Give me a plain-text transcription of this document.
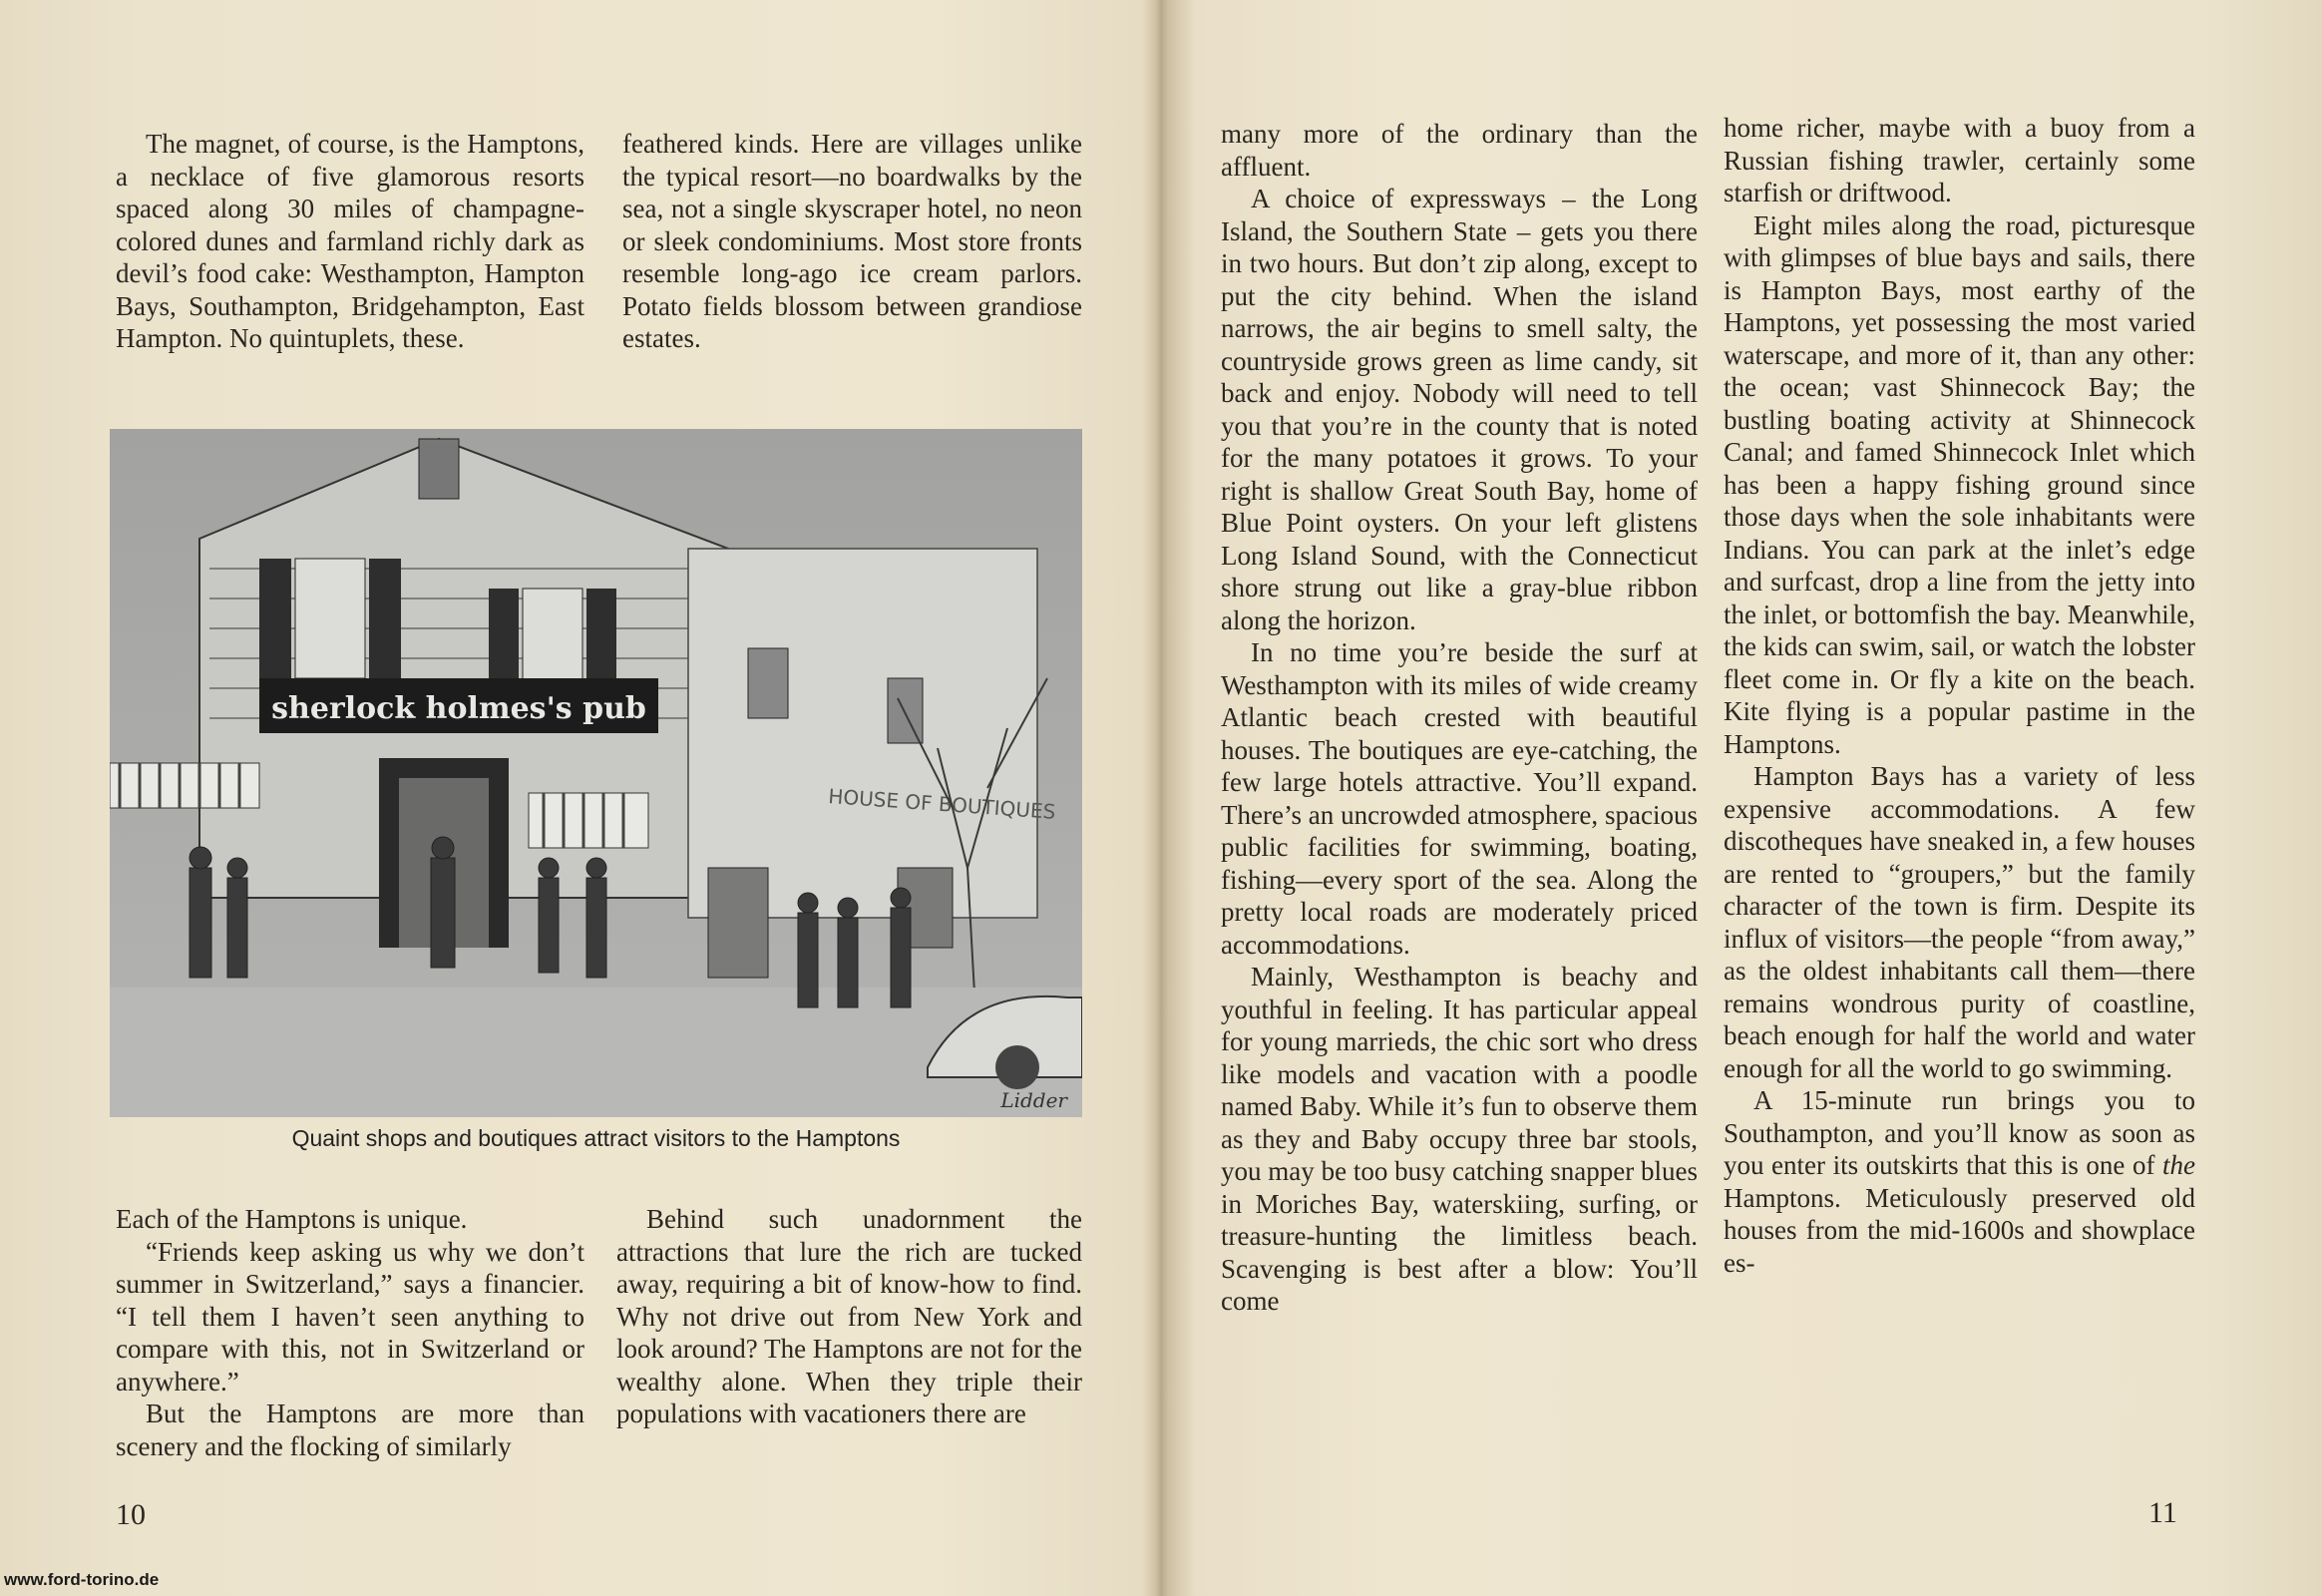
The magnet, of course, is the Hamptons, a necklace of five glamorous resorts spaced along 30 miles of champagne-colored dunes and farmland richly dark as devil’s food cake: Westhampton, Hampton Bays, Southampton, Bridgehampton, East Hampton. No quintuplets, these.

feathered kinds. Here are villages unlike the typical resort—no boardwalks by the sea, not a single skyscraper hotel, no neon or sleek condominiums. Most store fronts resemble long-ago ice cream parlors. Potato fields blossom between grandiose estates.

sherlock holmes's pub
HOUSE OF BOUTIQUES
Lidder
Quaint shops and boutiques attract visitors to the Hamptons

Each of the Hamptons is unique.

“Friends keep asking us why we don’t summer in Switzerland,” says a financier. “I tell them I haven’t seen anything to compare with this, not in Switzerland or anywhere.”

But the Hamptons are more than scenery and the flocking of similarly

Behind such unadornment the attractions that lure the rich are tucked away, requiring a bit of know-how to find. Why not drive out from New York and look around? The Hamptons are not for the wealthy alone. When they triple their populations with vacationers there are

10

many more of the ordinary than the affluent.

A choice of expressways – the Long Island, the Southern State – gets you there in two hours. But don’t zip along, except to put the city behind. When the island narrows, the air begins to smell salty, the countryside grows green as lime candy, sit back and enjoy. Nobody will need to tell you that you’re in the county that is noted for the many potatoes it grows. To your right is shallow Great South Bay, home of Blue Point oysters. On your left glistens Long Island Sound, with the Connecticut shore strung out like a gray-blue ribbon along the horizon.

In no time you’re beside the surf at Westhampton with its miles of wide creamy Atlantic beach crested with beautiful houses. The boutiques are eye-catching, the few large hotels attractive. You’ll expand. There’s an uncrowded atmosphere, spacious public facilities for swimming, boating, fishing—every sport of the sea. Along the pretty local roads are moderately priced accommodations.

Mainly, Westhampton is beachy and youthful in feeling. It has particular appeal for young marrieds, the chic sort who dress like models and vacation with a poodle named Baby. While it’s fun to observe them as they and Baby occupy three bar stools, you may be too busy catching snapper blues in Moriches Bay, waterskiing, surfing, or treasure-hunting the limitless beach. Scavenging is best after a blow: You’ll come

home richer, maybe with a buoy from a Russian fishing trawler, certainly some starfish or driftwood.

Eight miles along the road, picturesque with glimpses of blue bays and sails, there is Hampton Bays, most earthy of the Hamptons, yet possessing the most varied waterscape, and more of it, than any other: the ocean; vast Shinnecock Bay; the bustling boating activity at Shinnecock Canal; and famed Shinnecock Inlet which has been a happy fishing ground since those days when the sole inhabitants were Indians. You can park at the inlet’s edge and surfcast, drop a line from the jetty into the inlet, or bottomfish the bay. Meanwhile, the kids can swim, sail, or watch the lobster fleet come in. Or fly a kite on the beach. Kite flying is a popular pastime in the Hamptons.

Hampton Bays has a variety of less expensive accommodations. A few discotheques have sneaked in, a few houses are rented to “groupers,” but the family character of the town is firm. Despite its influx of visitors—the people “from away,” as the oldest inhabitants call them—there remains wondrous purity of coastline, beach enough for half the world and water enough for all the world to go swimming.

A 15-minute run brings you to Southampton, and you’ll know as soon as you enter its outskirts that this is one of the Hamptons. Meticulously preserved old houses from the mid-1600s and showplace es-

11
www.ford-torino.de
